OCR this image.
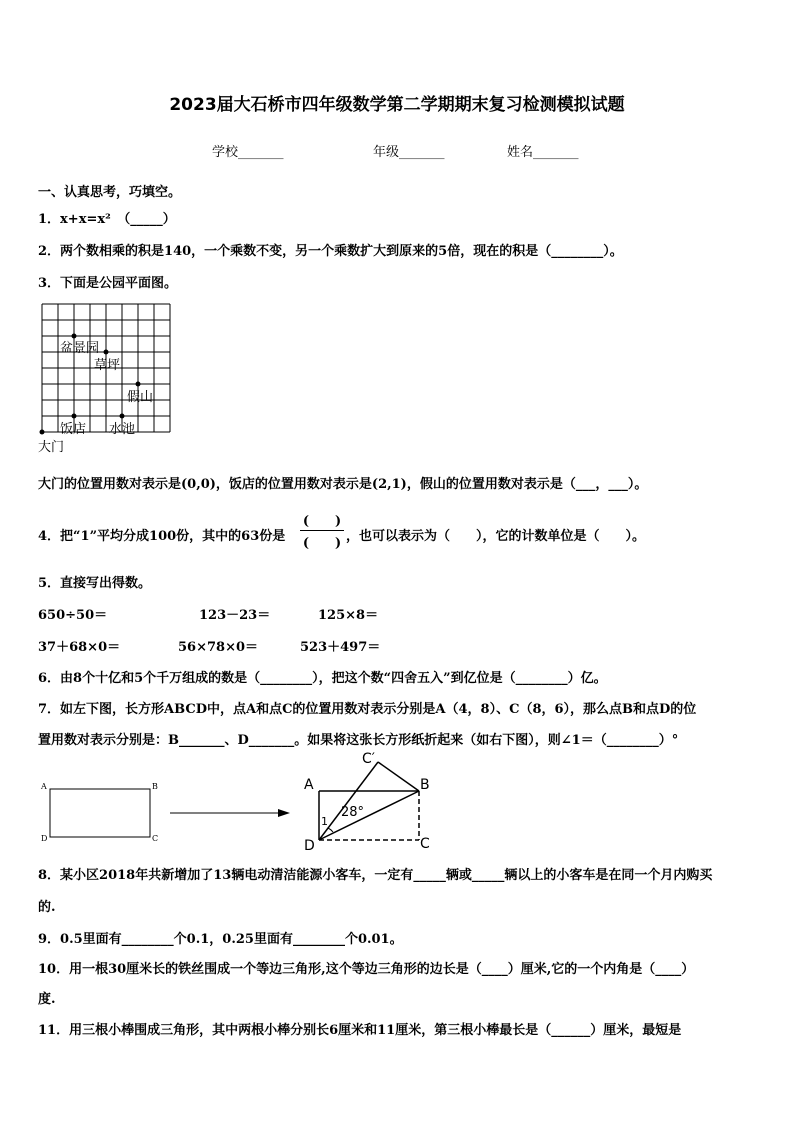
2023届大石桥市四年级数学第二学期期末复习检测模拟试题
学校_______	年级_______	姓名_______
一、认真思考，巧填空。
1．x+x=x²　（_____）
2．两个数相乘的积是140，一个乘数不变，另一个乘数扩大到原来的5倍，现在的积是（________）。
3．下面是公园平面图。
盆景园
草坪
假山
饭店 水池
大门
大门的位置用数对表示是(0,0)，饭店的位置用数对表示是(2,1)，假山的位置用数对表示是（___，___）。
4．把“1”平均分成100份，其中的63份是
(　　)
(　　) ，也可以表示为（　　），它的计数单位是（　　）。
5．直接写出得数。
650÷50＝	123－23＝	125×8＝
37＋68×0＝	56×78×0＝	523＋497＝
6．由8个十亿和5个千万组成的数是（________），把这个数“四舍五入”到亿位是（________）亿。
7．如左下图，长方形ABCD中，点A和点C的位置用数对表示分别是A（4，8）、C（8，6），那么点B和点D的位
置用数对表示分别是：B_______、D_______。如果将这张长方形纸折起来（如右下图），则∠1＝（________）°
A	B
C
D
A	B
C
D
C′
28°
1
8．某小区2018年共新增加了13辆电动清洁能源小客车，一定有_____辆或_____辆以上的小客车是在同一个月内购买
的.
9．0.5里面有________个0.1，0.25里面有________个0.01。
10．用一根30厘米长的铁丝围成一个等边三角形,这个等边三角形的边长是（____）厘米,它的一个内角是（____）
度.
11．用三根小棒围成三角形，其中两根小棒分别长6厘米和11厘米，第三根小棒最长是（______）厘米，最短是
